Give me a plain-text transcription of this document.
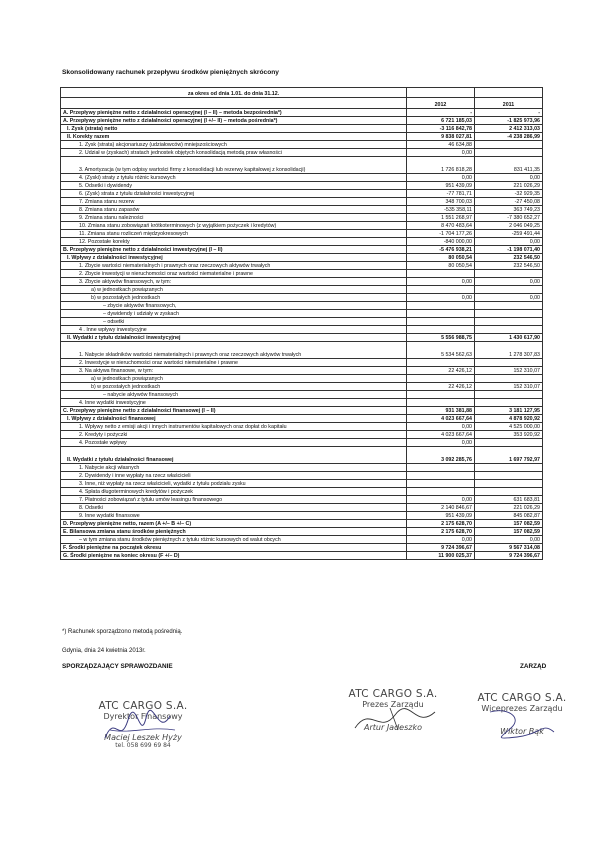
Skonsolidowany rachunek przepływu środków pieniężnych skrócony
za okres od dnia 1.01. do dnia 31.12.		
	2012	2011
A. Przepływy pieniężne netto z działalności operacyjnej (I – II) – metoda bezpośrednia*)	-	-
A. Przepływy pieniężne netto z działalności operacyjnej (I +/– II) – metoda pośrednia*)	6 721 185,03	-1 825 973,96
I. Zysk (strata) netto	-3 116 842,78	2 412 313,03
II. Korekty razem	9 838 027,81	-4 238 286,99
1. Zysk (strata) akcjonariuszy (udziałowców) mniejszościowych	46 634,88	
2. Udział w (zyskach) stratach jednostek objętych konsolidacją metodą praw własności	0,00	
3. Amortyzacja (w tym odpisy wartości firmy z konsolidacji lub rezerwy kapitałowej z konsolidacji)	1 726 818,28	831 411,35
4. (Zyski) straty z tytułu różnic kursowych	0,00	0,00
5. Odsetki i dywidendy	951 439,09	221 026,29
6. (Zysk) strata z tytułu działalności inwestycyjnej	-77 781,71	-32 929,35
7. Zmiana stanu rezerw	348 700,03	-27 450,08
8. Zmiana stanu zapasów	-535 358,11	363 749,23
9. Zmiana stanu należności	1 551 268,97	-7 380 652,27
10. Zmiana stanu zobowiązań krótkoterminowych (z wyjątkiem pożyczek i kredytów)	8 470 483,64	2 046 049,25
11. Zmiana stanu rozliczeń międzyokresowych	-1 704 177,26	-259 491,44
12. Pozostałe korekty	-840 000,00	0,00
B. Przepływy pieniężne netto z działalności inwestycyjnej (I – II)	-5 476 938,21	-1 198 071,40
I. Wpływy z działalności inwestycyjnej	80 050,54	232 546,50
1. Zbycie wartości niematerialnych i prawnych oraz rzeczowych aktywów trwałych	80 050,54	232 546,50
2. Zbycie inwestycji w nieruchomości oraz wartości niematerialne i prawne		
3. Zbycie aktywów finansowych, w tym:	0,00	0,00
a) w jednostkach powiązanych		
b) w pozostałych jednostkach	0,00	0,00
– zbycie aktywów finansowych,		
– dywidendy i udziały w zyskach		
– odsetki		
4 . Inne wpływy inwestycyjne		
II. Wydatki z tytułu działalności inwestycyjnej	5 556 988,75	1 430 617,90
1. Nabycie składników wartości niematerialnych i prawnych oraz rzeczowych aktywów trwałych	5 534 562,63	1 278 307,83
2. Inwestycje w nieruchomości oraz wartości niematerialne i prawne		
3. Na aktywa finansowe, w tym:	22 426,12	152 310,07
a) w jednostkach powiązanych		
b) w pozostałych jednostkach	22 426,12	152 310,07
– nabycie aktywów finansowych		
4. Inne wydatki inwestycyjne		
C. Przepływy pieniężne netto z działalności finansowej (I – II)	931 381,88	3 181 127,95
I. Wpływy z działalności finansowej	4 023 667,64	4 878 920,92
1. Wpływy netto z emisji akcji i innych instrumentów kapitałowych oraz dopłat do kapitału	0,00	4 525 000,00
2. Kredyty i pożyczki	4 023 667,64	353 920,92
4. Pozostałe wpływy	0,00	
II. Wydatki z tytułu działalności finansowej	3 092 285,76	1 697 792,97
1. Nabycie akcji własnych		
2. Dywidendy i inne wypłaty na rzecz właścicieli		
3. Inne, niż wypłaty na rzecz właścicieli, wydatki z tytułu podziału zysku		
4. Spłata długoterminowych kredytów i pożyczek		
7. Płatności zobowiązań z tytułu umów leasingu finansowego	0,00	631 683,81
8. Odsetki	2 140 846,67	221 026,29
9. Inne wydatki finansowe	951 439,09	845 082,87
D. Przepływy pieniężne netto, razem (A +/– B +/– C)	2 175 628,70	157 082,59
E. Bilansowa zmiana stanu środków pieniężnych	2 175 628,70	157 082,59
– w tym zmiana stanu środków pieniężnych z tytułu różnic kursowych od walut obcych	0,00	0,00
F. Środki pieniężne na początek okresu	9 724 396,67	9 567 314,08
G. Środki pieniężne na koniec okresu (F +/– D)	11 900 025,37	9 724 396,67
*) Rachunek sporządzono metodą pośrednią.
Gdynia, dnia 24 kwietnia 2013r.
SPORZĄDZAJĄCY SPRAWOZDANIE	ZARZĄD
ATC CARGO S.A.
Dyrektor Finansowy
Maciej Leszek Hyży
tel. 058 699 69 84
ATC CARGO S.A.
Prezes Zarządu
Artur Jadeszko
ATC CARGO S.A.
Wiceprezes Zarządu
Wiktor Bąk
